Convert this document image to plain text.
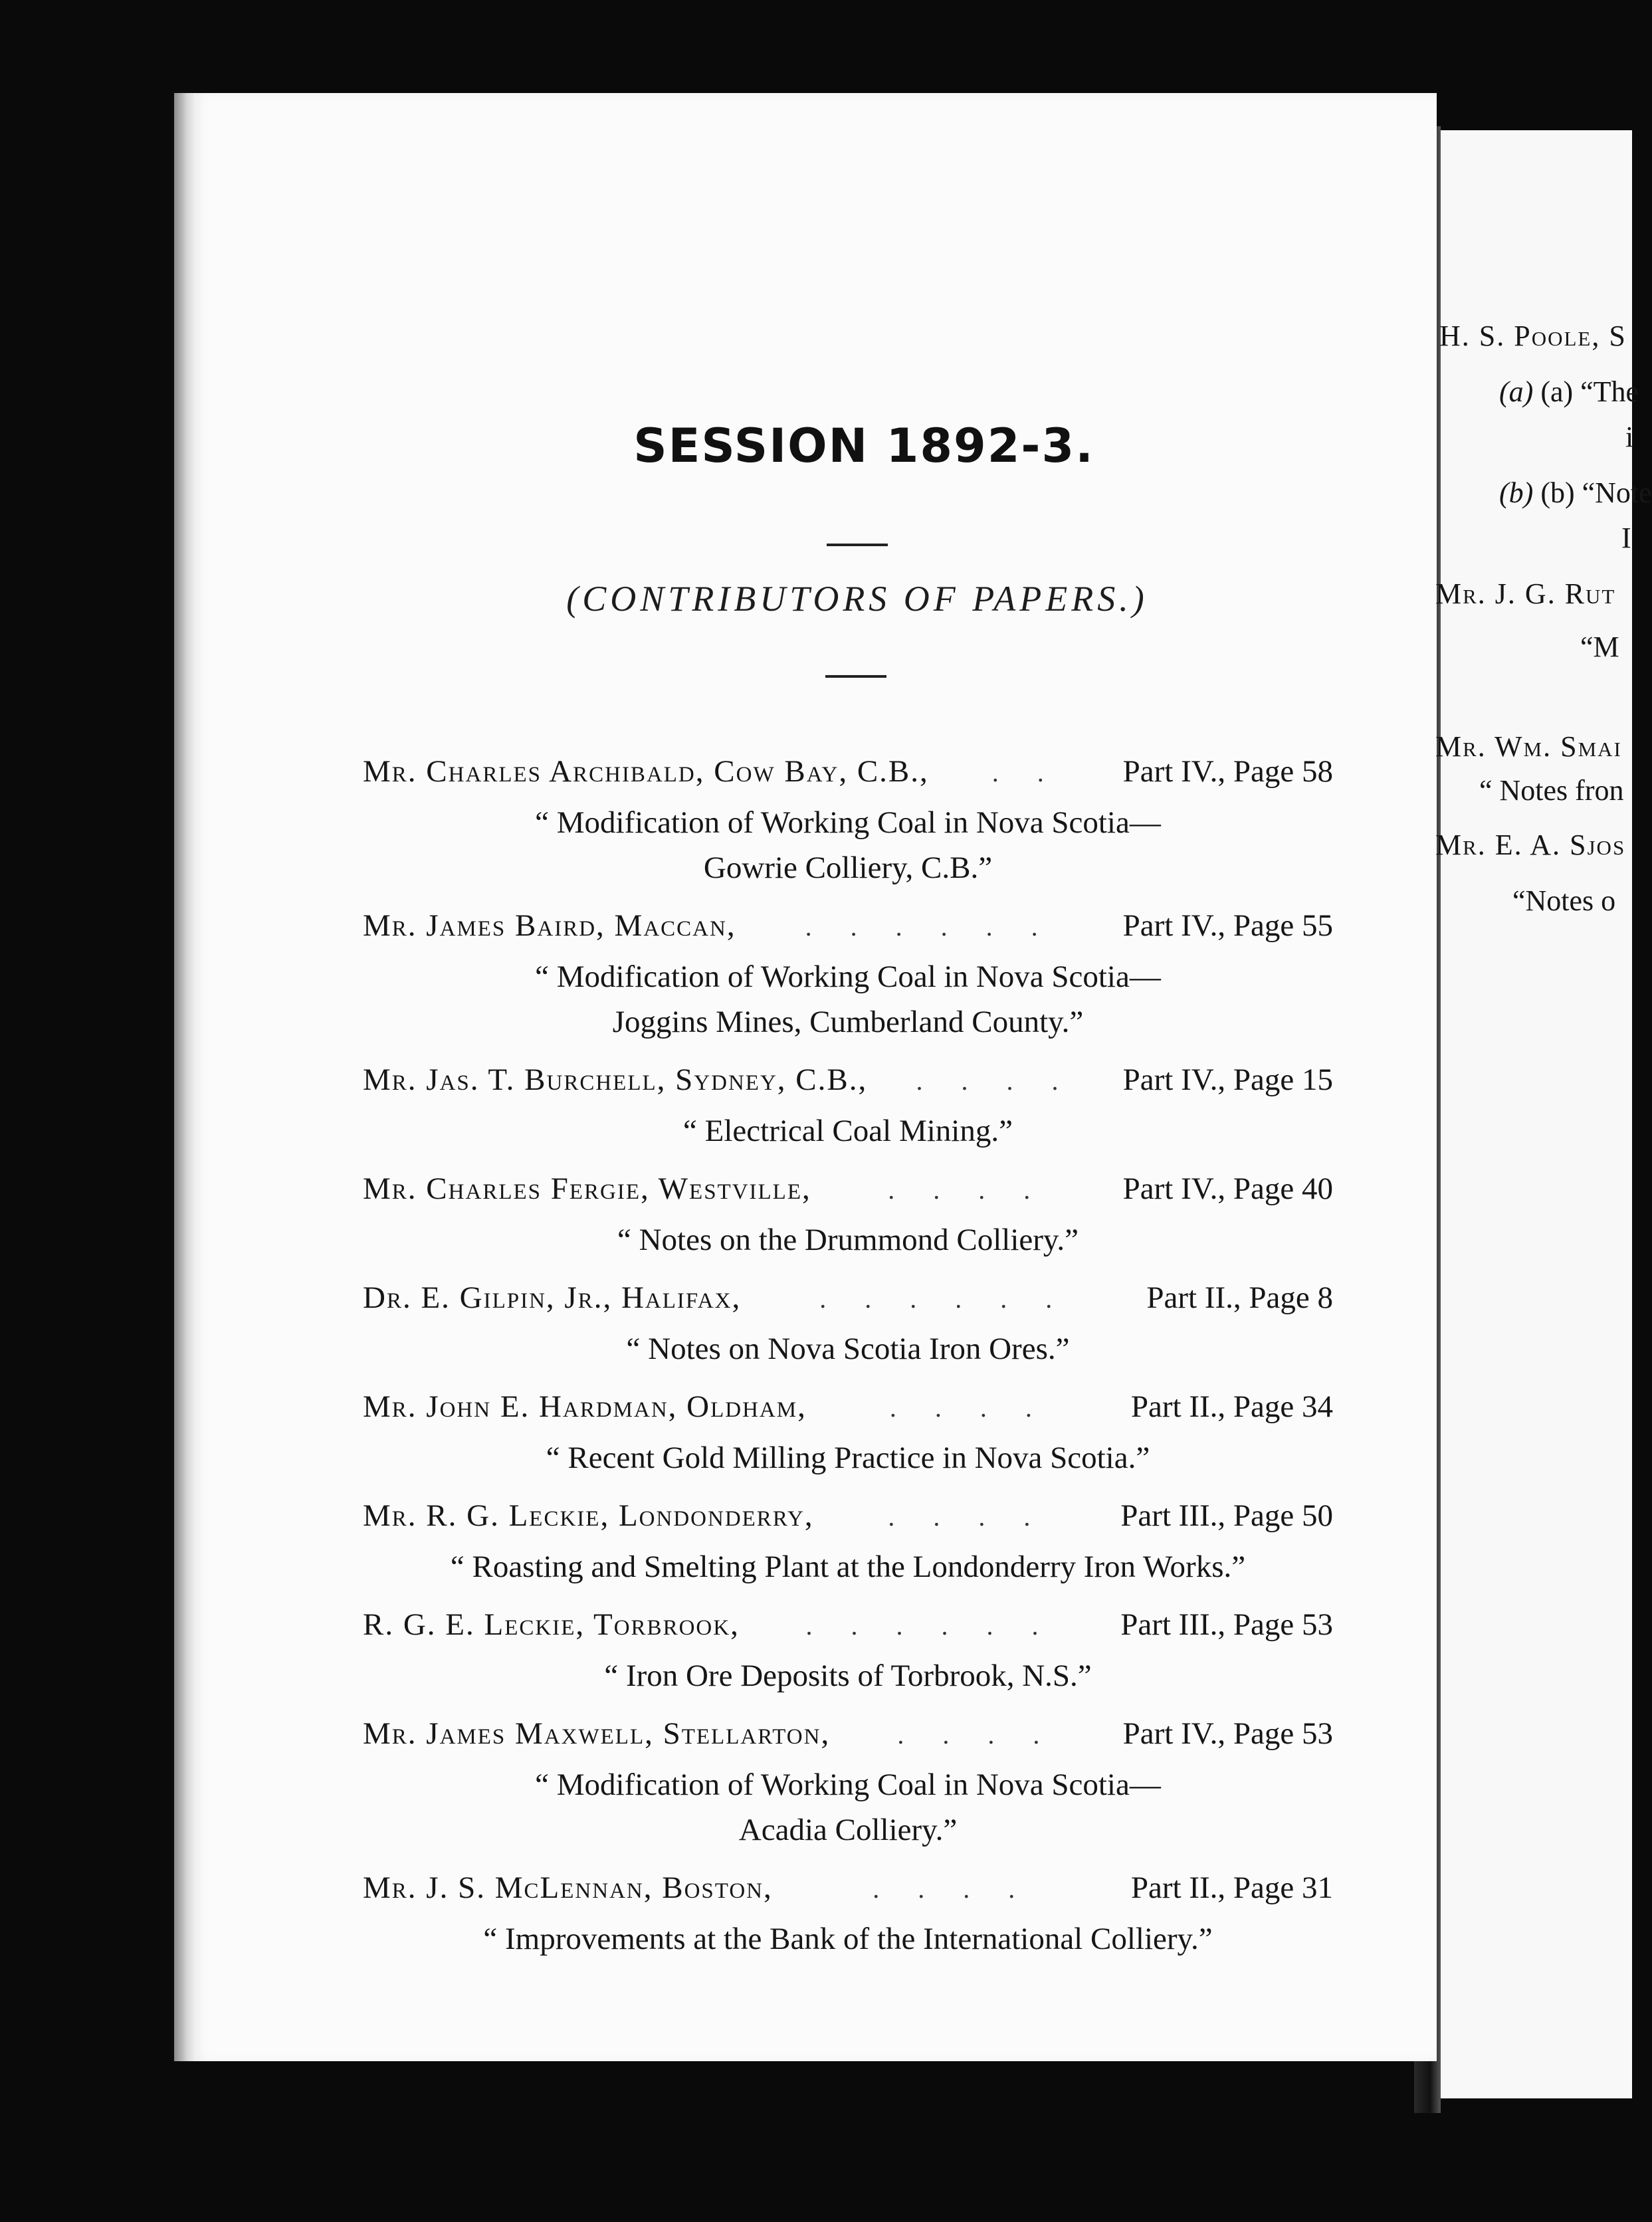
SESSION 1892-3.
(CONTRIBUTORS OF PAPERS.)
Mr. Charles Archibald, Cow Bay, C.B.,	. .	Part IV., Page 58
“ Modification of Working Coal in Nova Scotia—
Gowrie Colliery, C.B.”
Mr. James Baird, Maccan,	. . . . . .	Part IV., Page 55
“ Modification of Working Coal in Nova Scotia—
Joggins Mines, Cumberland County.”
Mr. Jas. T. Burchell, Sydney, C.B.,	. . . .	Part IV., Page 15
“ Electrical Coal Mining.”
Mr. Charles Fergie, Westville,	. . . .	Part IV., Page 40
“ Notes on the Drummond Colliery.”
Dr. E. Gilpin, Jr., Halifax,	. . . . . .	Part II., Page 8
“ Notes on Nova Scotia Iron Ores.”
Mr. John E. Hardman, Oldham,	. . . .	Part II., Page 34
“ Recent Gold Milling Practice in Nova Scotia.”
Mr. R. G. Leckie, Londonderry,	. . . .	Part III., Page 50
“ Roasting and Smelting Plant at the Londonderry Iron Works.”
R. G. E. Leckie, Torbrook,	. . . . . .	Part III., Page 53
“ Iron Ore Deposits of Torbrook, N.S.”
Mr. James Maxwell, Stellarton,	. . . .	Part IV., Page 53
“ Modification of Working Coal in Nova Scotia—
Acadia Colliery.”
Mr. J. S. McLennan, Boston,	. . . .	Part II., Page 31
“ Improvements at the Bank of the International Colliery.”
H. S. Poole, S
(a) (a) “The
i
(b) (b) “Note
I
Mr. J. G. Rut
“M
Mr. Wm. Smai
“ Notes fron
Mr. E. A. Sjos
“Notes o
